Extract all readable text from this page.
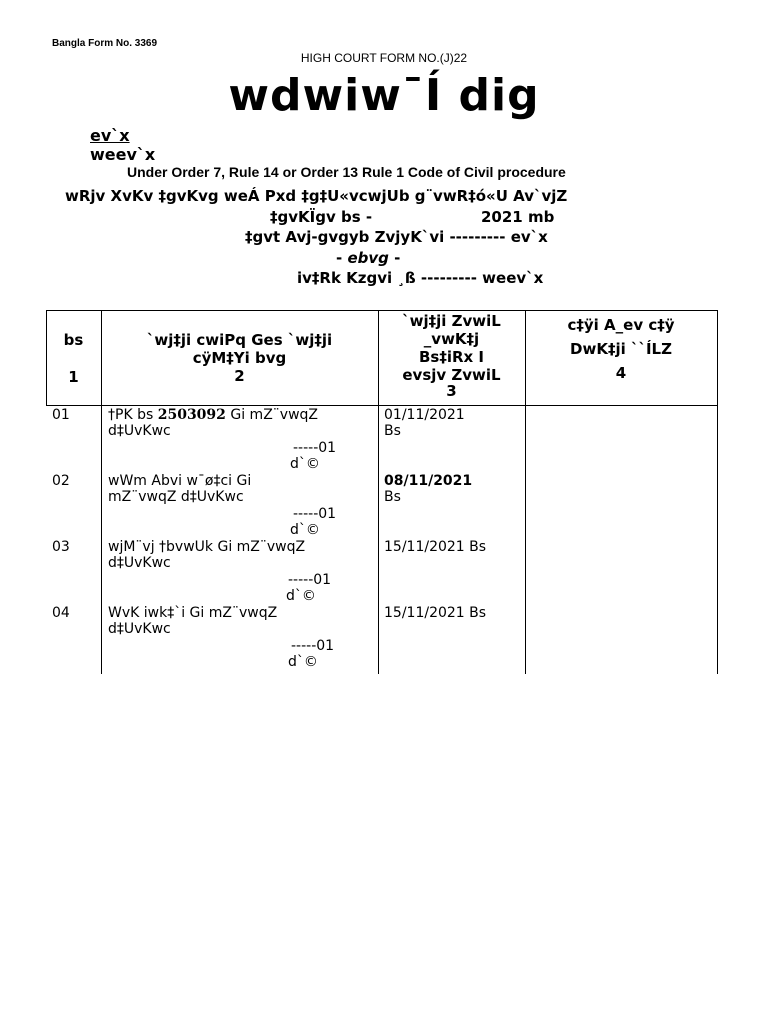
Bangla Form No. 3369
HIGH COURT FORM NO.(J)22
wdwiw¯Í dig
ev`x
weev`x
Under Order 7, Rule 14 or Order 13 Rule 1 Code of Civil procedure
wRjv XvKv ‡gvKvg weÁ Pxd ‡g‡U«vcwjUb g¨vwR‡ó«U Av`vjZ
‡gvKÏgv bs -	2021 mb
‡gvt Avj-gvgyb ZvjyK`vi --------- ev`x
- ebvg -
iv‡Rk Kzgvi ¸ß --------- weev`x
bs
1
`wj‡ji cwiPq Ges `wj‡ji
cÿM‡Yi bvg
2
`wj‡ji ZvwiL
_vwK‡j
Bs‡iRx I
evsjv ZvwiL
3
c‡ÿi A_ev c‡ÿ
DwK‡ji ``ÍLZ
4
01	†PK bs 2503092 Gi mZ¨vwqZ
d‡UvKwc
-----01
d`©
01/11/2021
Bs
02	wWm Abvi w¯ø‡ci Gi
mZ¨vwqZ d‡UvKwc
-----01
d`©
08/11/2021
Bs
03	wjM¨vj †bvwUk Gi mZ¨vwqZ
d‡UvKwc
-----01
d`©
15/11/2021 Bs
04	WvK iwk‡`i Gi mZ¨vwqZ
d‡UvKwc
-----01
d`©
15/11/2021 Bs
